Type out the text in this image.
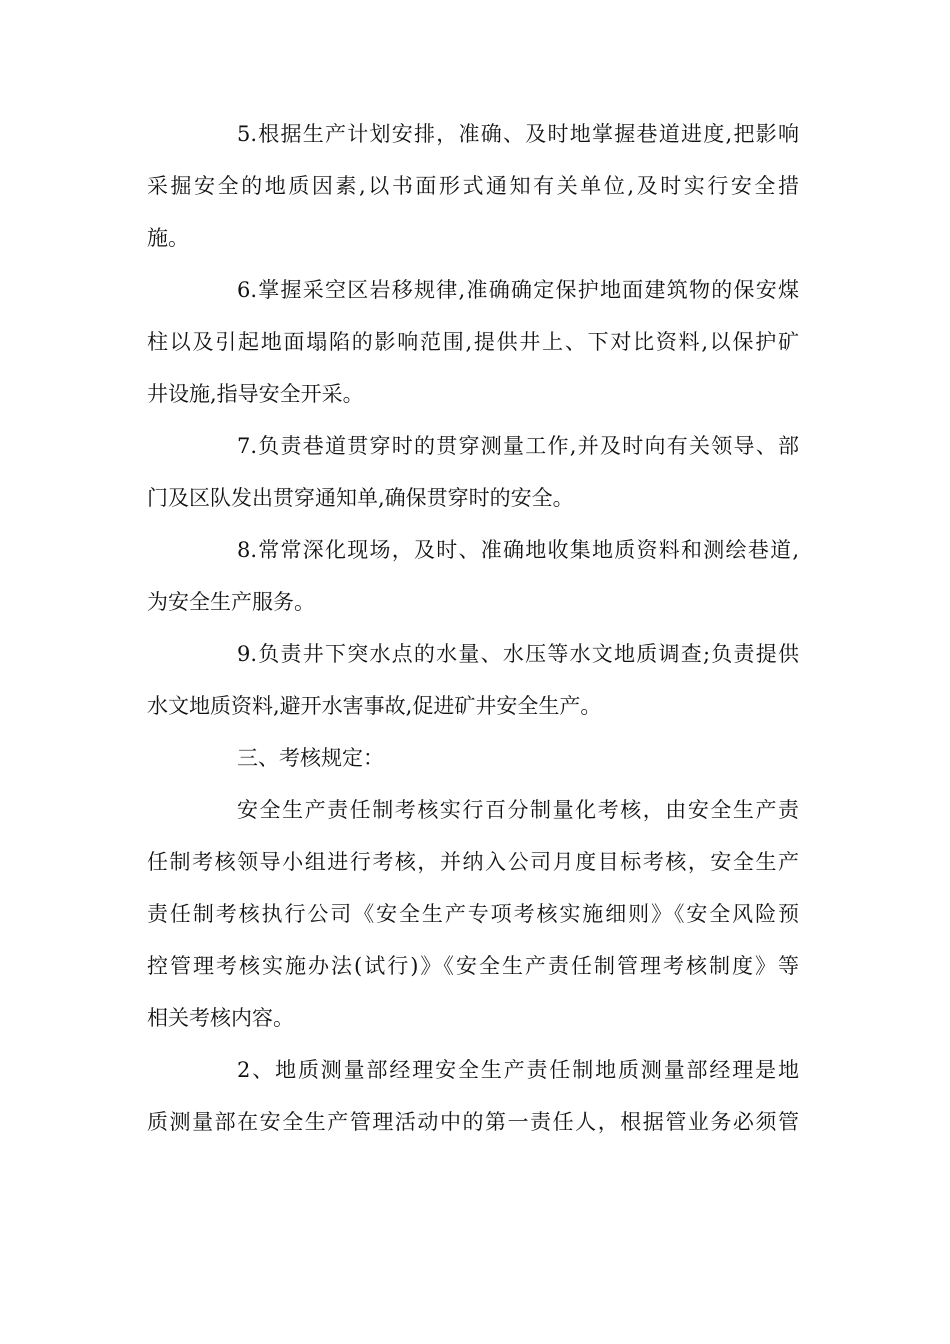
5.根据生产计划安排，准确、及时地掌握巷道进度,把影响
采掘安全的地质因素,以书面形式通知有关单位,及时实行安全措
施。
6.掌握采空区岩移规律,准确确定保护地面建筑物的保安煤
柱以及引起地面塌陷的影响范围,提供井上、下对比资料,以保护矿
井设施,指导安全开采。
7.负责巷道贯穿时的贯穿测量工作,并及时向有关领导、部
门及区队发出贯穿通知单,确保贯穿时的安全。
8.常常深化现场，及时、准确地收集地质资料和测绘巷道,
为安全生产服务。
9.负责井下突水点的水量、水压等水文地质调查;负责提供
水文地质资料,避开水害事故,促进矿井安全生产。
三、考核规定：
安全生产责任制考核实行百分制量化考核，由安全生产责
任制考核领导小组进行考核，并纳入公司月度目标考核，安全生产
责任制考核执行公司《安全生产专项考核实施细则》《安全风险预
控管理考核实施办法(试行)》《安全生产责任制管理考核制度》等
相关考核内容。
2、地质测量部经理安全生产责任制地质测量部经理是地
质测量部在安全生产管理活动中的第一责任人，根据管业务必须管
